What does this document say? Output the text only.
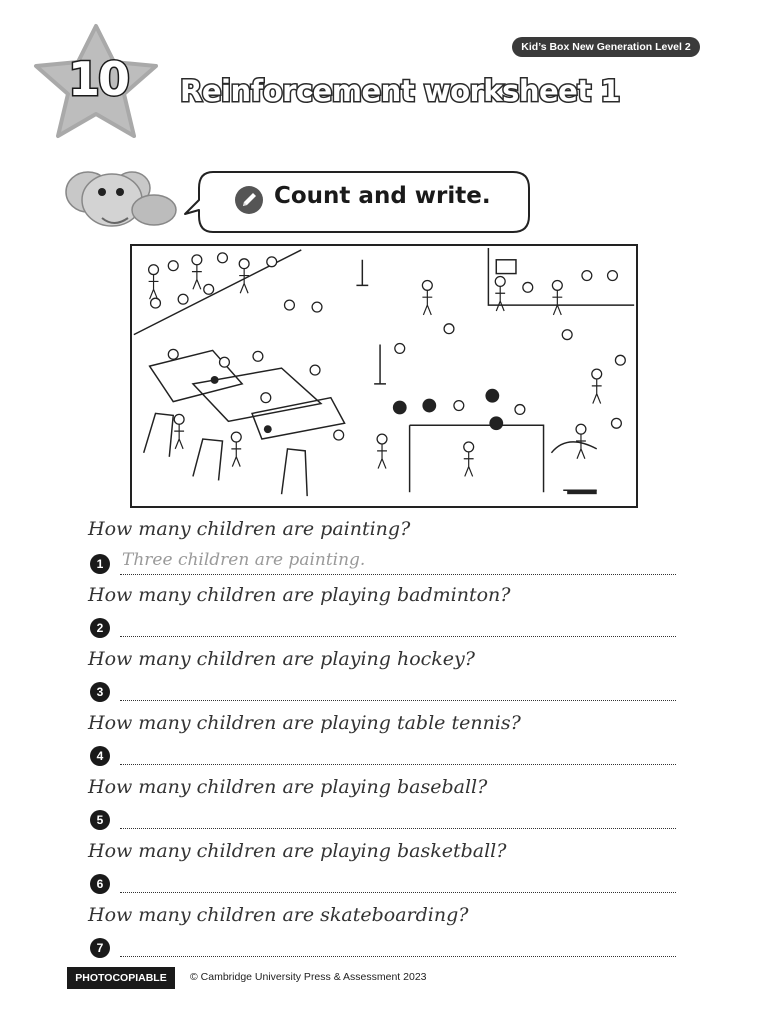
Kid’s Box New Generation Level 2
10	Reinforcement worksheet 1
Count and write.
How many children are painting?
1	Three children are painting.
How many children are playing badminton?
2
How many children are playing hockey?
3
How many children are playing table tennis?
4
How many children are playing baseball?
5
How many children are playing basketball?
6
How many children are skateboarding?
7
PHOTOCOPIABLE	© Cambridge University Press & Assessment 2023
